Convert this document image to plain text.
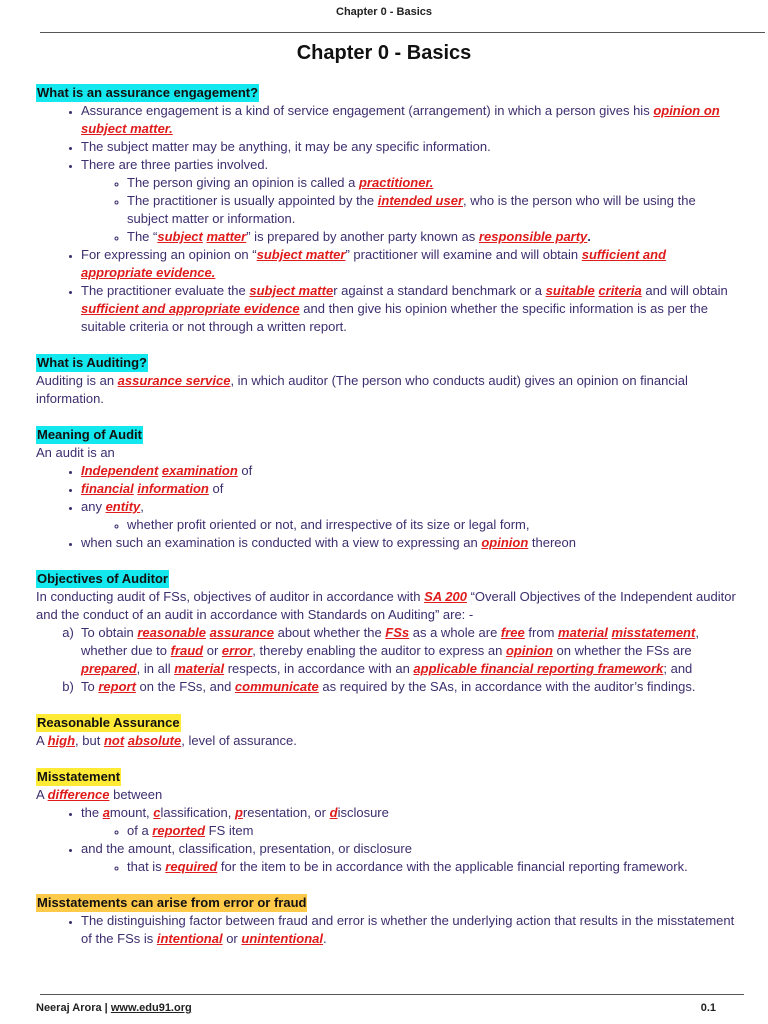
Chapter 0 - Basics
Chapter 0 - Basics
What is an assurance engagement?
• Assurance engagement is a kind of service engagement (arrangement) in which a person gives his opinion on subject matter.
• The subject matter may be anything, it may be any specific information.
• There are three parties involved.
◦ The person giving an opinion is called a practitioner.
◦ The practitioner is usually appointed by the intended user, who is the person who will be using the subject matter or information.
◦ The “subject matter” is prepared by another party known as responsible party.
• For expressing an opinion on “subject matter” practitioner will examine and will obtain sufficient and appropriate evidence.
• The practitioner evaluate the subject matter against a standard benchmark or a suitable criteria and will obtain sufficient and appropriate evidence and then give his opinion whether the specific information is as per the suitable criteria or not through a written report.
What is Auditing?

Auditing is an assurance service, in which auditor (The person who conducts audit) gives an opinion on financial information.

Meaning of Audit

An audit is an

• Independent examination of
• financial information of
• any entity,
◦ whether profit oriented or not, and irrespective of its size or legal form,
• when such an examination is conducted with a view to expressing an opinion thereon
Objectives of Auditor

In conducting audit of FSs, objectives of auditor in accordance with SA 200 “Overall Objectives of the Independent auditor and the conduct of an audit in accordance with Standards on Auditing” are: -

a. To obtain reasonable assurance about whether the FSs as a whole are free from material misstatement, whether due to fraud or error, thereby enabling the auditor to express an opinion on whether the FSs are prepared, in all material respects, in accordance with an applicable financial reporting framework; and
b. To report on the FSs, and communicate as required by the SAs, in accordance with the auditor’s findings.
Reasonable Assurance

A high, but not absolute, level of assurance.

Misstatement

A difference between

• the amount, classification, presentation, or disclosure
◦ of a reported FS item
• and the amount, classification, presentation, or disclosure
◦ that is required for the item to be in accordance with the applicable financial reporting framework.
Misstatements can arise from error or fraud
• The distinguishing factor between fraud and error is whether the underlying action that results in the misstatement of the FSs is intentional or unintentional.
Neeraj Arora | www.edu91.org	0.1
